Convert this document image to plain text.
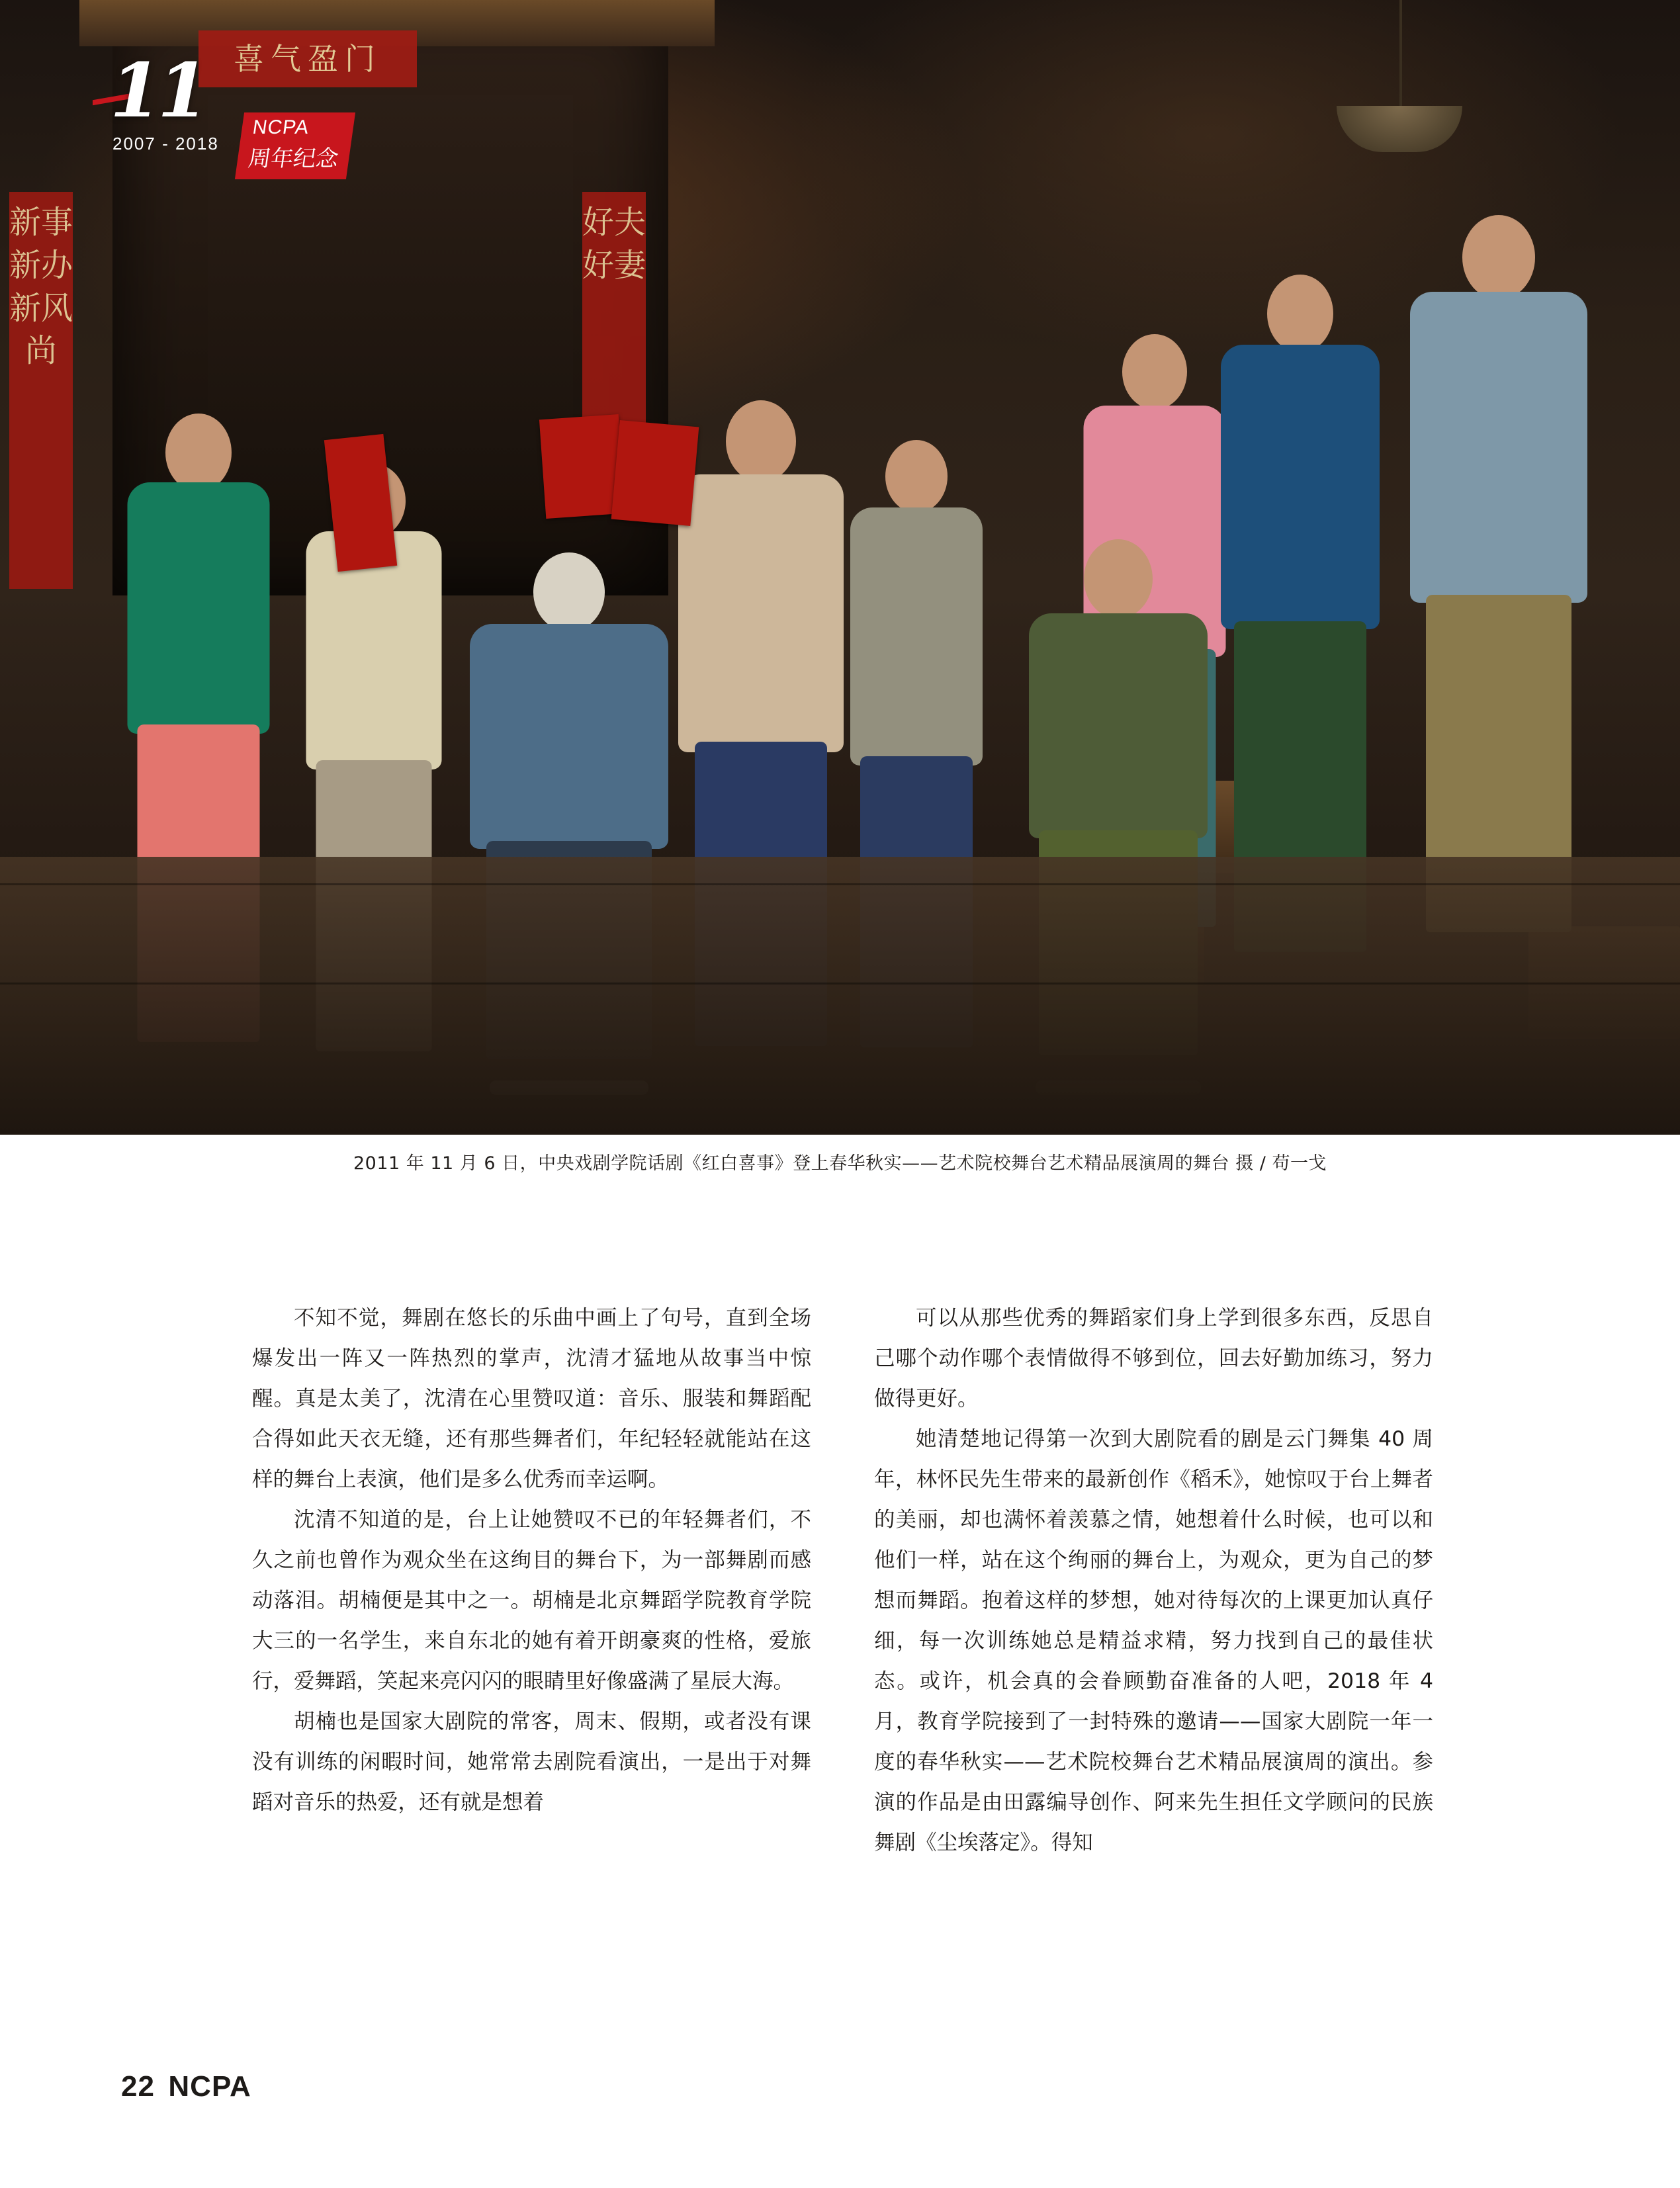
喜气盈门
新事新办新风尚
好夫好妻
11
2007 - 2018
NCPA
周年纪念
2011 年 11 月 6 日，中央戏剧学院话剧《红白喜事》登上春华秋实——艺术院校舞台艺术精品展演周的舞台 摄 / 苟一戈

不知不觉，舞剧在悠长的乐曲中画上了句号，直到全场爆发出一阵又一阵热烈的掌声，沈清才猛地从故事当中惊醒。真是太美了，沈清在心里赞叹道：音乐、服装和舞蹈配合得如此天衣无缝，还有那些舞者们，年纪轻轻就能站在这样的舞台上表演，他们是多么优秀而幸运啊。

沈清不知道的是，台上让她赞叹不已的年轻舞者们，不久之前也曾作为观众坐在这绚目的舞台下，为一部舞剧而感动落泪。胡楠便是其中之一。胡楠是北京舞蹈学院教育学院大三的一名学生，来自东北的她有着开朗豪爽的性格，爱旅行，爱舞蹈，笑起来亮闪闪的眼睛里好像盛满了星辰大海。

胡楠也是国家大剧院的常客，周末、假期，或者没有课没有训练的闲暇时间，她常常去剧院看演出，一是出于对舞蹈对音乐的热爱，还有就是想着

可以从那些优秀的舞蹈家们身上学到很多东西，反思自己哪个动作哪个表情做得不够到位，回去好勤加练习，努力做得更好。

她清楚地记得第一次到大剧院看的剧是云门舞集 40 周年，林怀民先生带来的最新创作《稻禾》，她惊叹于台上舞者的美丽，却也满怀着羡慕之情，她想着什么时候，也可以和他们一样，站在这个绚丽的舞台上，为观众，更为自己的梦想而舞蹈。抱着这样的梦想，她对待每次的上课更加认真仔细，每一次训练她总是精益求精，努力找到自己的最佳状态。或许，机会真的会眷顾勤奋准备的人吧，2018 年 4 月，教育学院接到了一封特殊的邀请——国家大剧院一年一度的春华秋实——艺术院校舞台艺术精品展演周的演出。参演的作品是由田露编导创作、阿来先生担任文学顾问的民族舞剧《尘埃落定》。得知

22 NCPA
